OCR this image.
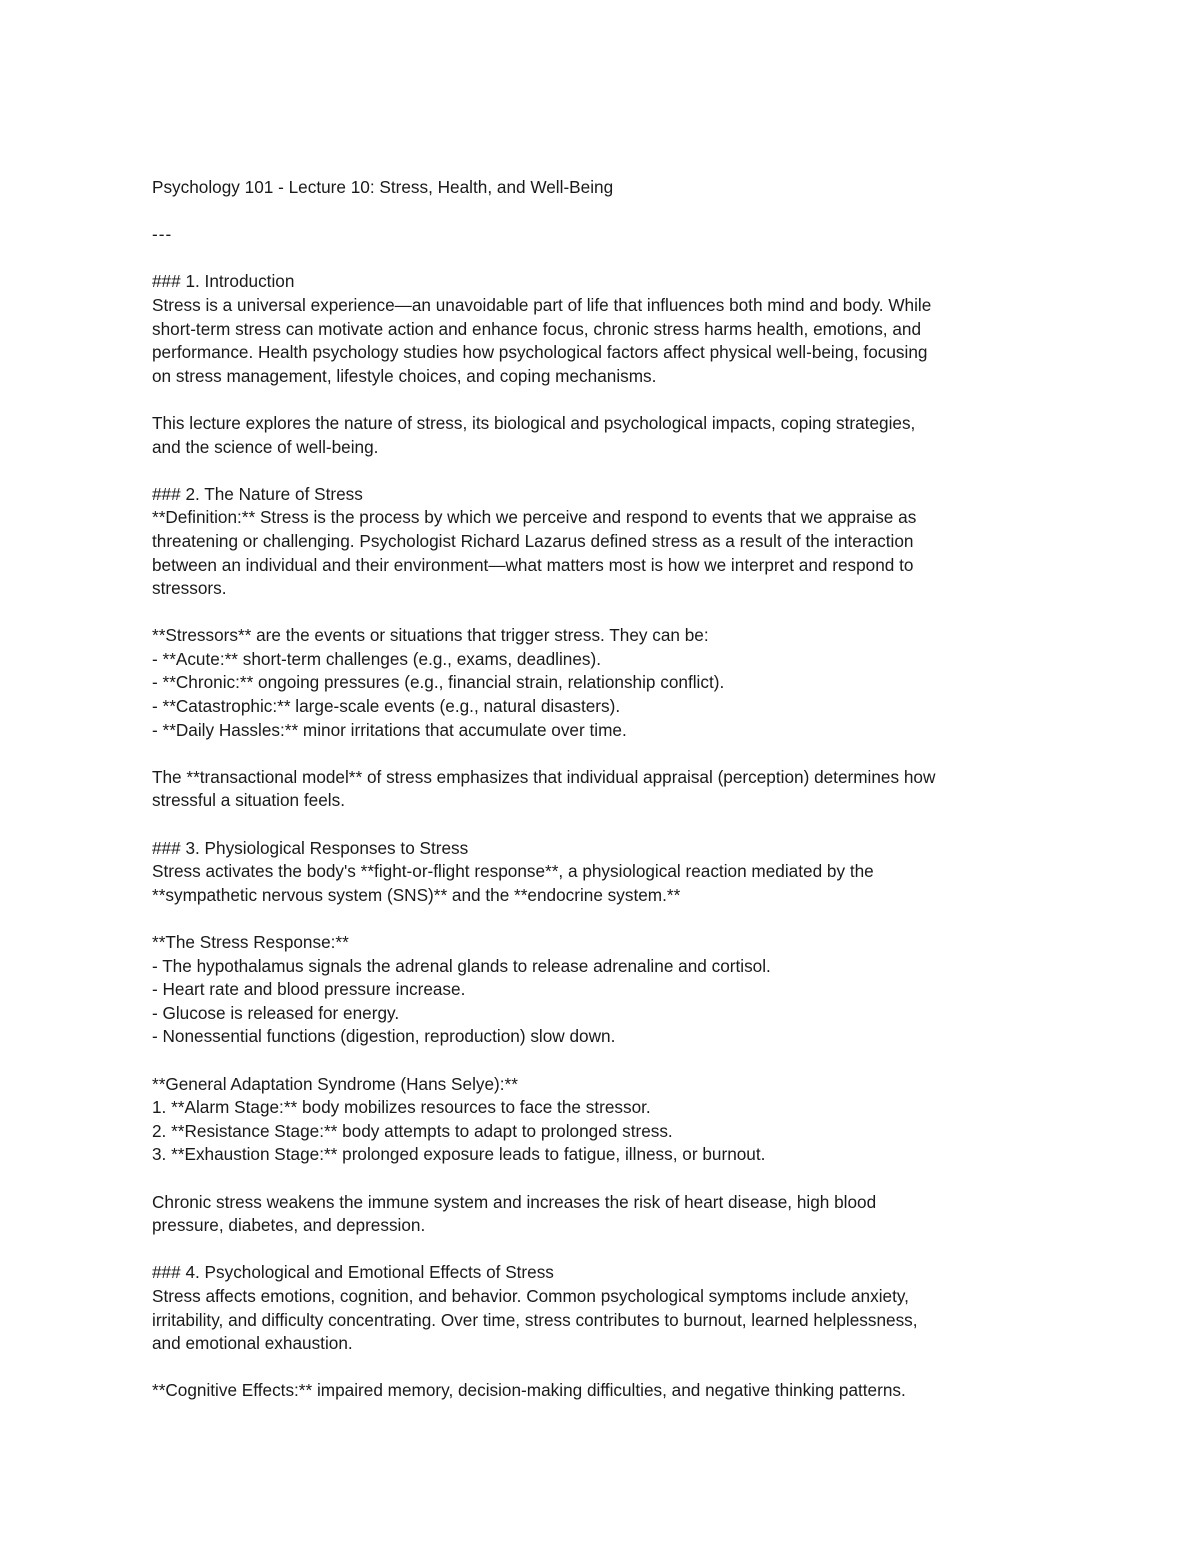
Psychology 101 - Lecture 10: Stress, Health, and Well-Being
---
### 1. Introduction
Stress is a universal experience—an unavoidable part of life that influences both mind and body. While
short-term stress can motivate action and enhance focus, chronic stress harms health, emotions, and
performance. Health psychology studies how psychological factors affect physical well-being, focusing
on stress management, lifestyle choices, and coping mechanisms.
This lecture explores the nature of stress, its biological and psychological impacts, coping strategies,
and the science of well-being.
### 2. The Nature of Stress
**Definition:** Stress is the process by which we perceive and respond to events that we appraise as
threatening or challenging. Psychologist Richard Lazarus defined stress as a result of the interaction
between an individual and their environment—what matters most is how we interpret and respond to
stressors.
**Stressors** are the events or situations that trigger stress. They can be:
- **Acute:** short-term challenges (e.g., exams, deadlines).
- **Chronic:** ongoing pressures (e.g., financial strain, relationship conflict).
- **Catastrophic:** large-scale events (e.g., natural disasters).
- **Daily Hassles:** minor irritations that accumulate over time.
The **transactional model** of stress emphasizes that individual appraisal (perception) determines how
stressful a situation feels.
### 3. Physiological Responses to Stress
Stress activates the body's **fight-or-flight response**, a physiological reaction mediated by the
**sympathetic nervous system (SNS)** and the **endocrine system.**
**The Stress Response:**
- The hypothalamus signals the adrenal glands to release adrenaline and cortisol.
- Heart rate and blood pressure increase.
- Glucose is released for energy.
- Nonessential functions (digestion, reproduction) slow down.
**General Adaptation Syndrome (Hans Selye):**
1. **Alarm Stage:** body mobilizes resources to face the stressor.
2. **Resistance Stage:** body attempts to adapt to prolonged stress.
3. **Exhaustion Stage:** prolonged exposure leads to fatigue, illness, or burnout.
Chronic stress weakens the immune system and increases the risk of heart disease, high blood
pressure, diabetes, and depression.
### 4. Psychological and Emotional Effects of Stress
Stress affects emotions, cognition, and behavior. Common psychological symptoms include anxiety,
irritability, and difficulty concentrating. Over time, stress contributes to burnout, learned helplessness,
and emotional exhaustion.
**Cognitive Effects:** impaired memory, decision-making difficulties, and negative thinking patterns.
